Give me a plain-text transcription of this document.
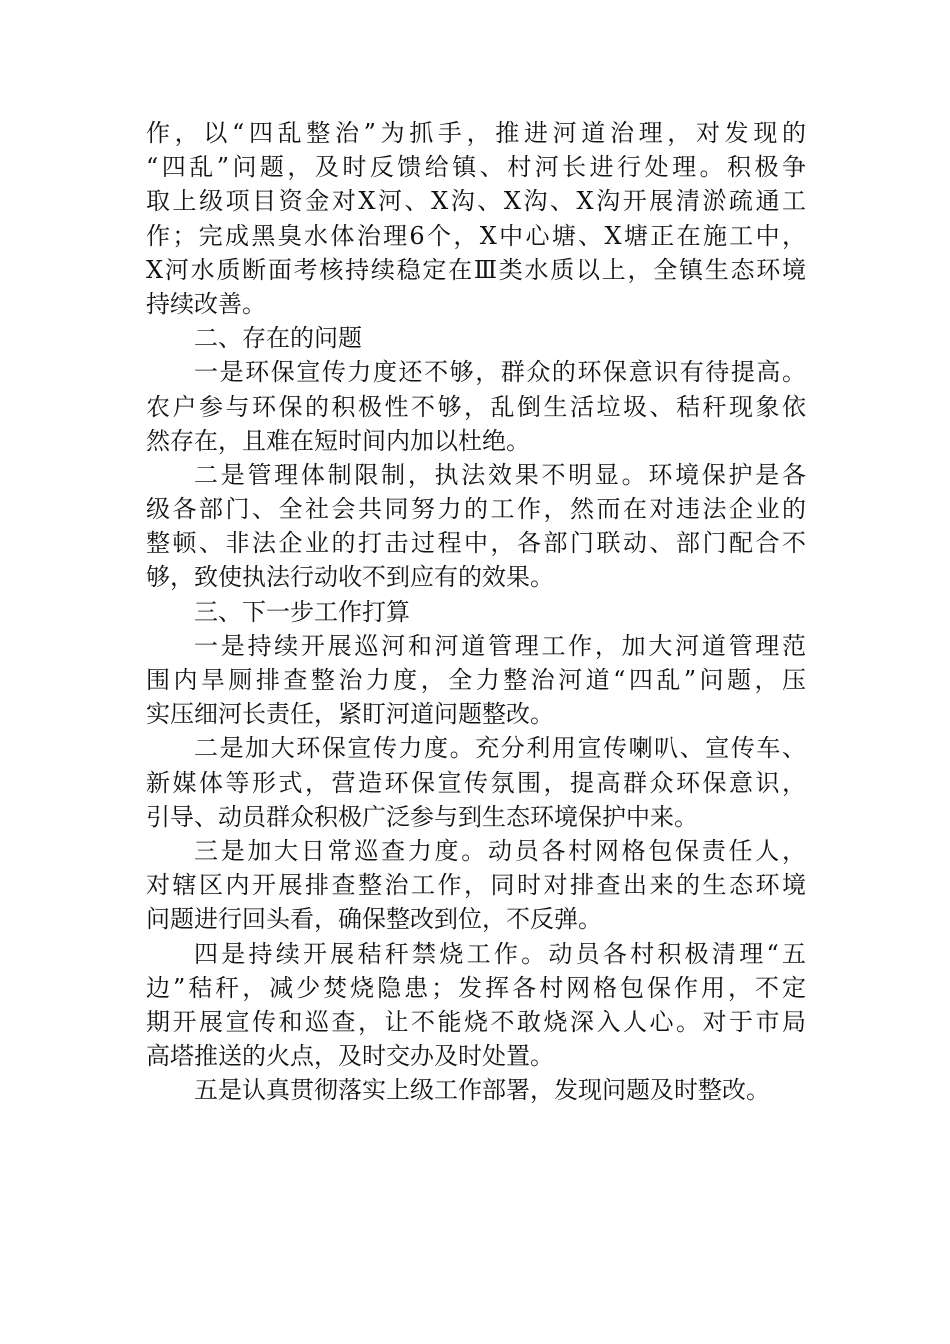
作，以“四乱整治”为抓手，推进河道治理，对发现的
“四乱”问题，及时反馈给镇、村河长进行处理。积极争
取上级项目资金对X河、X沟、X沟、X沟开展清淤疏通工
作；完成黑臭水体治理6个，X中心塘、X塘正在施工中，
X河水质断面考核持续稳定在Ⅲ类水质以上，全镇生态环境
持续改善。
二、存在的问题
一是环保宣传力度还不够，群众的环保意识有待提高。
农户参与环保的积极性不够，乱倒生活垃圾、秸秆现象依
然存在，且难在短时间内加以杜绝。
二是管理体制限制，执法效果不明显。环境保护是各
级各部门、全社会共同努力的工作，然而在对违法企业的
整顿、非法企业的打击过程中，各部门联动、部门配合不
够，致使执法行动收不到应有的效果。
三、下一步工作打算
一是持续开展巡河和河道管理工作，加大河道管理范
围内旱厕排查整治力度，全力整治河道“四乱”问题，压
实压细河长责任，紧盯河道问题整改。
二是加大环保宣传力度。充分利用宣传喇叭、宣传车、
新媒体等形式，营造环保宣传氛围，提高群众环保意识，
引导、动员群众积极广泛参与到生态环境保护中来。
三是加大日常巡查力度。动员各村网格包保责任人，
对辖区内开展排查整治工作，同时对排查出来的生态环境
问题进行回头看，确保整改到位，不反弹。
四是持续开展秸秆禁烧工作。动员各村积极清理“五
边”秸秆，减少焚烧隐患；发挥各村网格包保作用，不定
期开展宣传和巡查，让不能烧不敢烧深入人心。对于市局
高塔推送的火点，及时交办及时处置。
五是认真贯彻落实上级工作部署，发现问题及时整改。
